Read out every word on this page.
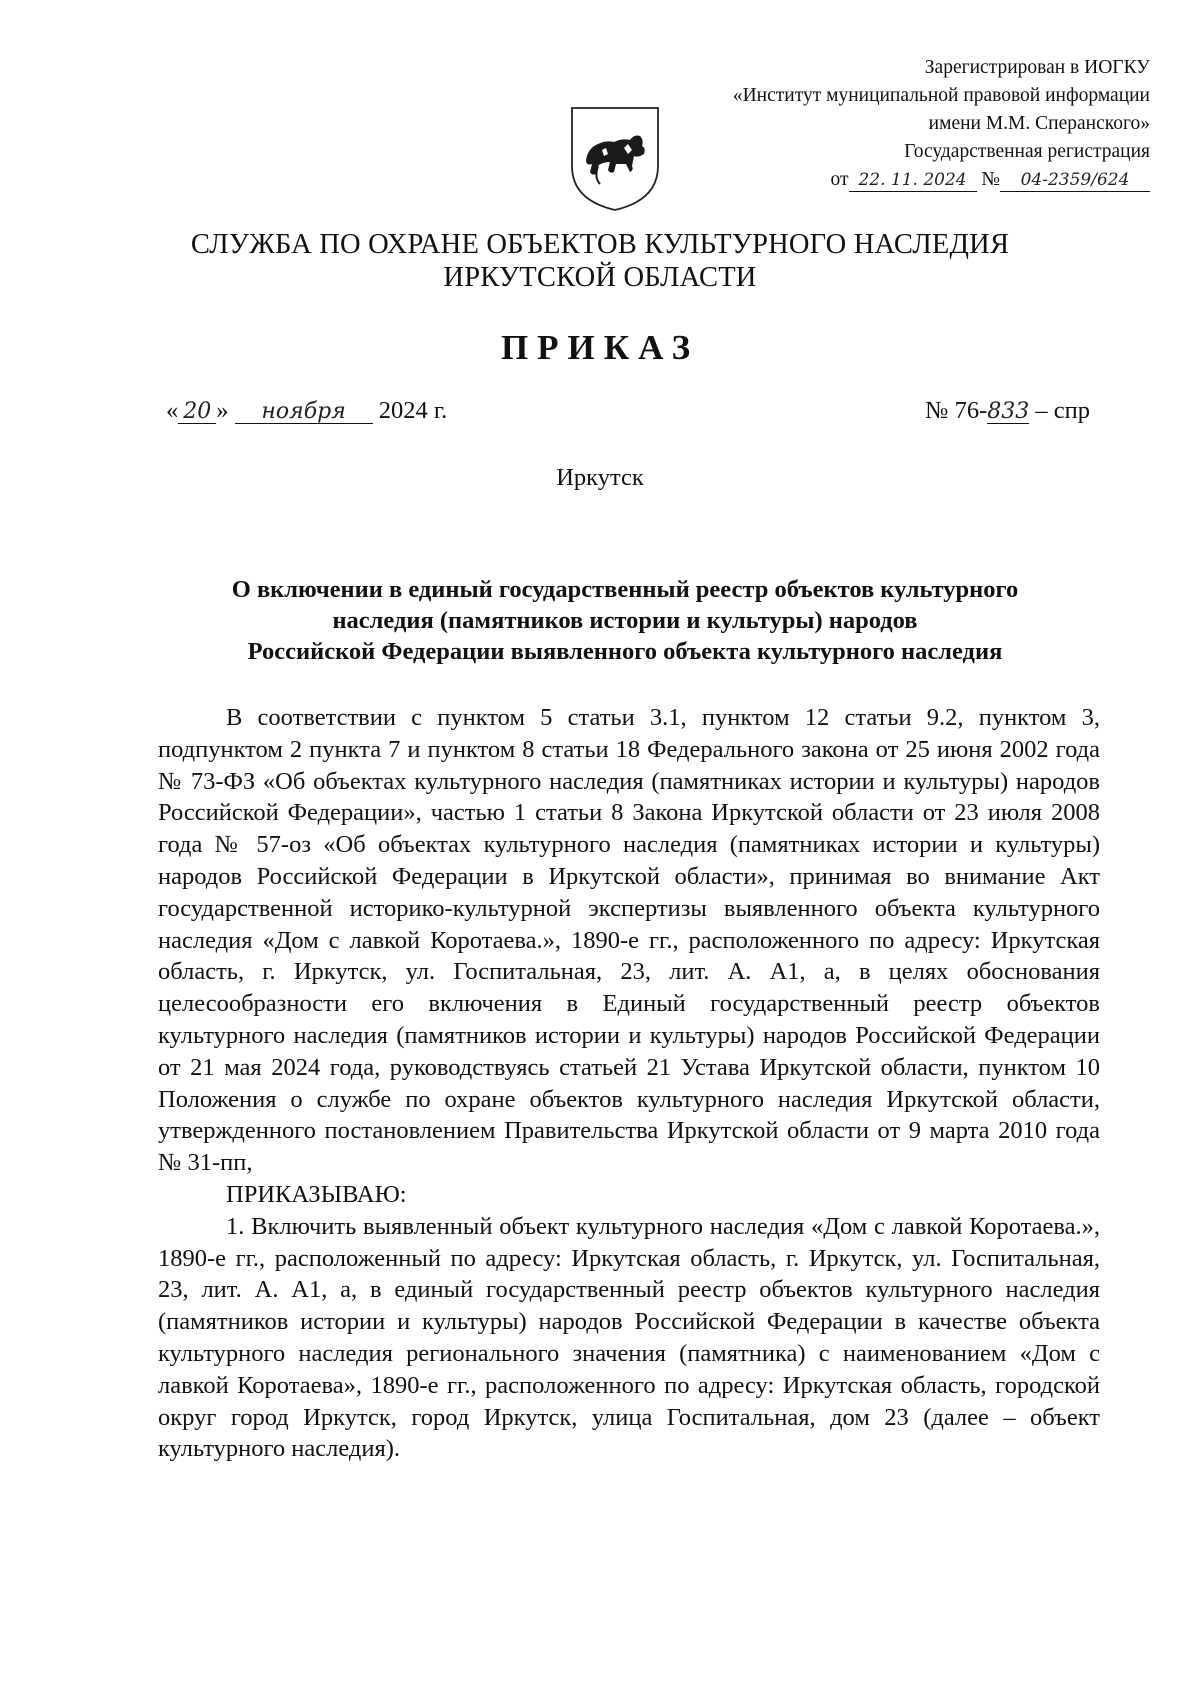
Зарегистрирован в ИОГКУ
«Институт муниципальной правовой информации
имени М.М. Сперанского»
Государственная регистрация
от 22. 11. 2024 № 04-2359/624
СЛУЖБА ПО ОХРАНЕ ОБЪЕКТОВ КУЛЬТУРНОГО НАСЛЕДИЯ
ИРКУТСКОЙ ОБЛАСТИ
ПРИКАЗ
« 20 » ноября 2024 г.	№ 76-833 – спр
Иркутск
О включении в единый государственный реестр объектов культурного
наследия (памятников истории и культуры) народов
Российской Федерации выявленного объекта культурного наследия

В соответствии с пунктом 5 статьи 3.1, пунктом 12 статьи 9.2, пунктом 3, подпунктом 2 пункта 7 и пунктом 8 статьи 18 Федерального закона от 25 июня 2002 года № 73-ФЗ «Об объектах культурного наследия (памятниках истории и культуры) народов Российской Федерации», частью 1 статьи 8 Закона Иркутской области от 23 июля 2008 года № 57-оз «Об объектах культурного наследия (памятниках истории и культуры) народов Российской Федерации в Иркутской области», принимая во внимание Акт государственной историко-культурной экспертизы выявленного объекта культурного наследия «Дом с лавкой Коротаева.», 1890-е гг., расположенного по адресу: Иркутская область, г. Иркутск, ул. Госпитальная, 23, лит. А. А1, а, в целях обоснования целесообразности его включения в Единый государственный реестр объектов культурного наследия (памятников истории и культуры) народов Российской Федерации от 21 мая 2024 года, руководствуясь статьей 21 Устава Иркутской области, пунктом 10 Положения о службе по охране объектов культурного наследия Иркутской области, утвержденного постановлением Правительства Иркутской области от 9 марта 2010 года № 31-пп,

ПРИКАЗЫВАЮ:

1. Включить выявленный объект культурного наследия «Дом с лавкой Коротаева.», 1890-е гг., расположенный по адресу: Иркутская область, г. Иркутск, ул. Госпитальная, 23, лит. А. А1, а, в единый государственный реестр объектов культурного наследия (памятников истории и культуры) народов Российской Федерации в качестве объекта культурного наследия регионального значения (памятника) с наименованием «Дом с лавкой Коротаева», 1890-е гг., расположенного по адресу: Иркутская область, городской округ город Иркутск, город Иркутск, улица Госпитальная, дом 23 (далее – объект культурного наследия).
